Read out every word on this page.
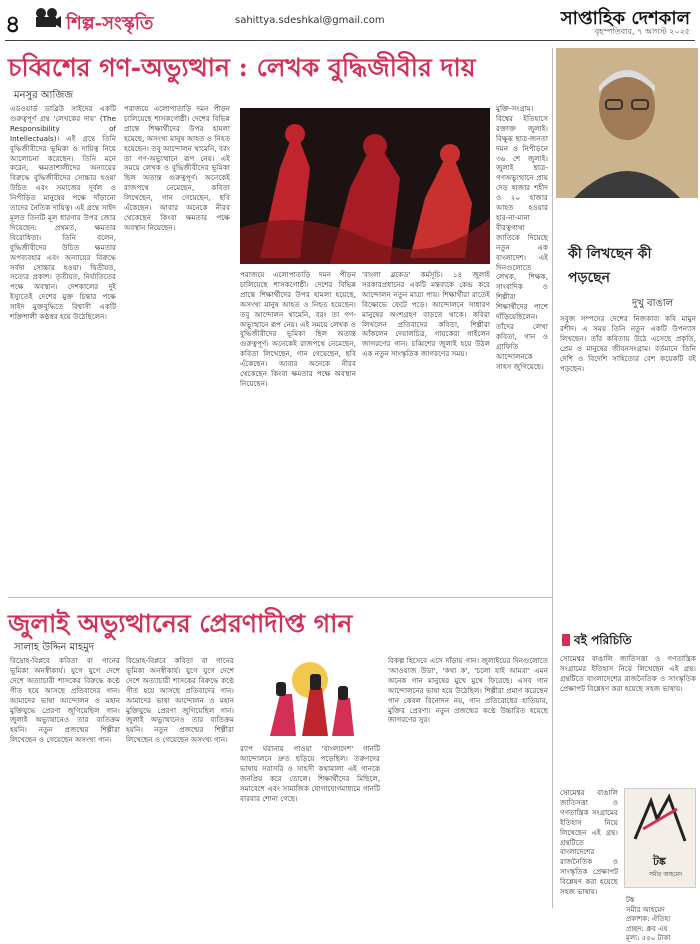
৪	শিল্প-সংস্কৃতি	sahittya.sdeshkal@gmail.com	সাপ্তাহিক দেশকাল
বৃহস্পতিবার, ৭ আগস্ট ২০২৫
চব্বিশের গণ-অভ্যুত্থান : লেখক বুদ্ধিজীবীর দায়
মনসুর আজিজ
এডওয়ার্ড ডাব্লিউ সাইদের একটি গুরুত্বপূর্ণ গ্রন্থ 'লেখকের দায়' (The Responsibility of Intellectuals)। এই গ্রন্থে তিনি বুদ্ধিজীবীদের ভূমিকা ও দায়িত্ব নিয়ে আলোচনা করেছেন। তিনি মনে করেন, ক্ষমতাশালীদের অন্যায়ের বিরুদ্ধে বুদ্ধিজীবীদের সোচ্চার হওয়া উচিত এবং সমাজের দুর্বল ও নিপীড়িত মানুষের পক্ষে দাঁড়ানো তাদের নৈতিক দায়িত্ব। এই গ্রন্থে সাইদ মূলত তিনটি মূল ধারণার উপর জোর দিয়েছেন: প্রথমত, ক্ষমতার বিরোধিতা। তিনি বলেন, বুদ্ধিজীবীদের উচিত ক্ষমতার অপব্যবহার এবং অন্যায়ের বিরুদ্ধে সর্বদা সোচ্চার হওয়া। দ্বিতীয়ত, সত্যের প্রকাশ। তৃতীয়ত, নির্যাতিতের পক্ষে অবস্থান। দেশকালের দুই ইস্যুতেই দেশের মুক্ত চিন্তার পক্ষে সাইদ মুক্তবুদ্ধিতে বিশ্বাসী একটি শক্তিশালী কণ্ঠস্বর হয়ে উঠেছিলেন।
পরাজয়ে এলোপাতাড়ি দমন পীড়ন চালিয়েছে শাসকগোষ্ঠী। দেশের বিভিন্ন প্রান্তে শিক্ষার্থীদের উপর হামলা হয়েছে, অসংখ্য মানুষ আহত ও নিহত হয়েছেন। তবু আন্দোলন থামেনি, বরং তা গণ-অভ্যুত্থানে রূপ নেয়। এই সময়ে লেখক ও বুদ্ধিজীবীদের ভূমিকা ছিল অত্যন্ত গুরুত্বপূর্ণ। অনেকেই রাজপথে নেমেছেন, কবিতা লিখেছেন, গান গেয়েছেন, ছবি এঁকেছেন। আবার অনেকে নীরব থেকেছেন কিংবা ক্ষমতার পক্ষে অবস্থান নিয়েছেন।
পরাজয়ে এলোপাতাড়ি দমন পীড়ন চালিয়েছে শাসকগোষ্ঠী। দেশের বিভিন্ন প্রান্তে শিক্ষার্থীদের উপর হামলা হয়েছে, অসংখ্য মানুষ আহত ও নিহত হয়েছেন। তবু আন্দোলন থামেনি, বরং তা গণ-অভ্যুত্থানে রূপ নেয়। এই সময়ে লেখক ও বুদ্ধিজীবীদের ভূমিকা ছিল অত্যন্ত গুরুত্বপূর্ণ। অনেকেই রাজপথে নেমেছেন, কবিতা লিখেছেন, গান গেয়েছেন, ছবি এঁকেছেন। আবার অনেকে নীরব থেকেছেন কিংবা ক্ষমতার পক্ষে অবস্থান নিয়েছেন।
'বাংলা ব্লকেড' কর্মসূচি। ১৪ জুলাই সরকারপ্রধানের একটি মন্তব্যকে কেন্দ্র করে আন্দোলন নতুন মাত্রা পায়। শিক্ষার্থীরা রাতেই বিক্ষোভে ফেটে পড়ে। আন্দোলনে সাধারণ মানুষের অংশগ্রহণ বাড়তে থাকে। কবিরা লিখলেন প্রতিবাদের কবিতা, শিল্পীরা আঁকলেন দেয়ালচিত্র, গায়কেরা গাইলেন জাগরণের গান। চব্বিশের জুলাই হয়ে উঠল এক নতুন সাংস্কৃতিক জাগরণের সময়।
মুক্তি-সংগ্রাম। বিশ্বের ইতিহাসে রক্তাক্ত জুলাই। বিক্ষুব্ধ ছাত্র-জনতা দমন ও নিপীড়নে ৩৬ শে জুলাই। জুলাই ছাত্র-গণঅভ্যুত্থানে প্রায় দেড় হাজার শহীদ ও ২০ হাজার আহত হওয়ার হার-না-মানা বীরত্বগাথা জাতিকে দিয়েছে নতুন এক বাংলাদেশ। এই দিনগুলোতে লেখক, শিক্ষক, সাংবাদিক ও শিল্পীরা শিক্ষার্থীদের পাশে দাঁড়িয়েছিলেন। তাঁদের লেখা কবিতা, গান ও গ্রাফিতি আন্দোলনকে সাহস জুগিয়েছে।
জুলাই অভ্যুত্থানের প্রেরণাদীপ্ত গান
সালাহ উদ্দিন মাহমুদ
বিদ্রোহ-বিপ্লবে কবিতা বা গানের ভূমিকা অনস্বীকার্য। যুগে যুগে দেশে দেশে অত্যাচারী শাসকের বিরুদ্ধে কণ্ঠে গীত হয়ে আসছে প্রতিবাদের গান। আমাদের ভাষা আন্দোলন ও মহান মুক্তিযুদ্ধে প্রেরণা জুগিয়েছিল গান। জুলাই অভ্যুত্থানেও তার ব্যতিক্রম হয়নি। নতুন প্রজন্মের শিল্পীরা লিখেছেন ও গেয়েছেন অসংখ্য গান।
বিদ্রোহ-বিপ্লবে কবিতা বা গানের ভূমিকা অনস্বীকার্য। যুগে যুগে দেশে দেশে অত্যাচারী শাসকের বিরুদ্ধে কণ্ঠে গীত হয়ে আসছে প্রতিবাদের গান। আমাদের ভাষা আন্দোলন ও মহান মুক্তিযুদ্ধে প্রেরণা জুগিয়েছিল গান। জুলাই অভ্যুত্থানেও তার ব্যতিক্রম হয়নি। নতুন প্রজন্মের শিল্পীরা লিখেছেন ও গেয়েছেন অসংখ্য গান।
র‍্যাপ ঘরানায় গাওয়া 'বাংলাদেশ' গানটি আন্দোলনে দ্রুত ছড়িয়ে পড়েছিল। তরুণদের ভাষায় সরাসরি ও সাহসী কথামালা এই গানকে জনপ্রিয় করে তোলে। শিক্ষার্থীদের মিছিলে, সমাবেশে এবং সামাজিক যোগাযোগমাধ্যমে গানটি বারবার শোনা গেছে।
বিকল্প হিসেবে এসে দাঁড়ায় গান। জুলাইয়ের দিনগুলোতে 'আওয়াজ উডা', 'কথা ক', 'চলো যাই আমরা' এমন অনেক গান মানুষের মুখে মুখে ফিরেছে। এসব গান আন্দোলনের ভাষা হয়ে উঠেছিল। শিল্পীরা প্রমাণ করেছেন গান কেবল বিনোদন নয়, গান প্রতিরোধের হাতিয়ার, মুক্তির প্রেরণা। নতুন প্রজন্মের কণ্ঠে উচ্চারিত হয়েছে জাগরণের সুর।
কী লিখছেন কী পড়ছেন
দুখু বাঙাল
সবুজ সম্পদের দেশের নিজকাব্য কবি মামুন রশীদ। এ সময় তিনি নতুন একটি উপন্যাস লিখছেন। তাঁর কবিতায় উঠে এসেছে প্রকৃতি, প্রেম ও মানুষের জীবনসংগ্রাম। বর্তমানে তিনি দেশি ও বিদেশি সাহিত্যের বেশ কয়েকটি বই পড়ছেন।
বই পরিচিতি
সোমেশ্বর বাঙালি জাতিসত্তা ও গণতান্ত্রিক সংগ্রামের ইতিহাস নিয়ে লিখেছেন এই গ্রন্থ। গ্রন্থটিতে বাংলাদেশের রাজনৈতিক ও সাংস্কৃতিক প্রেক্ষাপট বিশ্লেষণ করা হয়েছে সহজ ভাষায়।
সোমেশ্বর বাঙালি জাতিসত্তা ও গণতান্ত্রিক সংগ্রামের ইতিহাস নিয়ে লিখেছেন এই গ্রন্থ। গ্রন্থটিতে বাংলাদেশের রাজনৈতিক ও সাংস্কৃতিক প্রেক্ষাপট বিশ্লেষণ করা হয়েছে সহজ ভাষায়।
টঙ্ক
সমীর আহমেদ
টঙ্ক
সমীর আহমেদ
প্রকাশক: ঐতিহ্য
প্রচ্ছদ: ধ্রুব এষ
মূল্য: ৫৫০ টাকা
